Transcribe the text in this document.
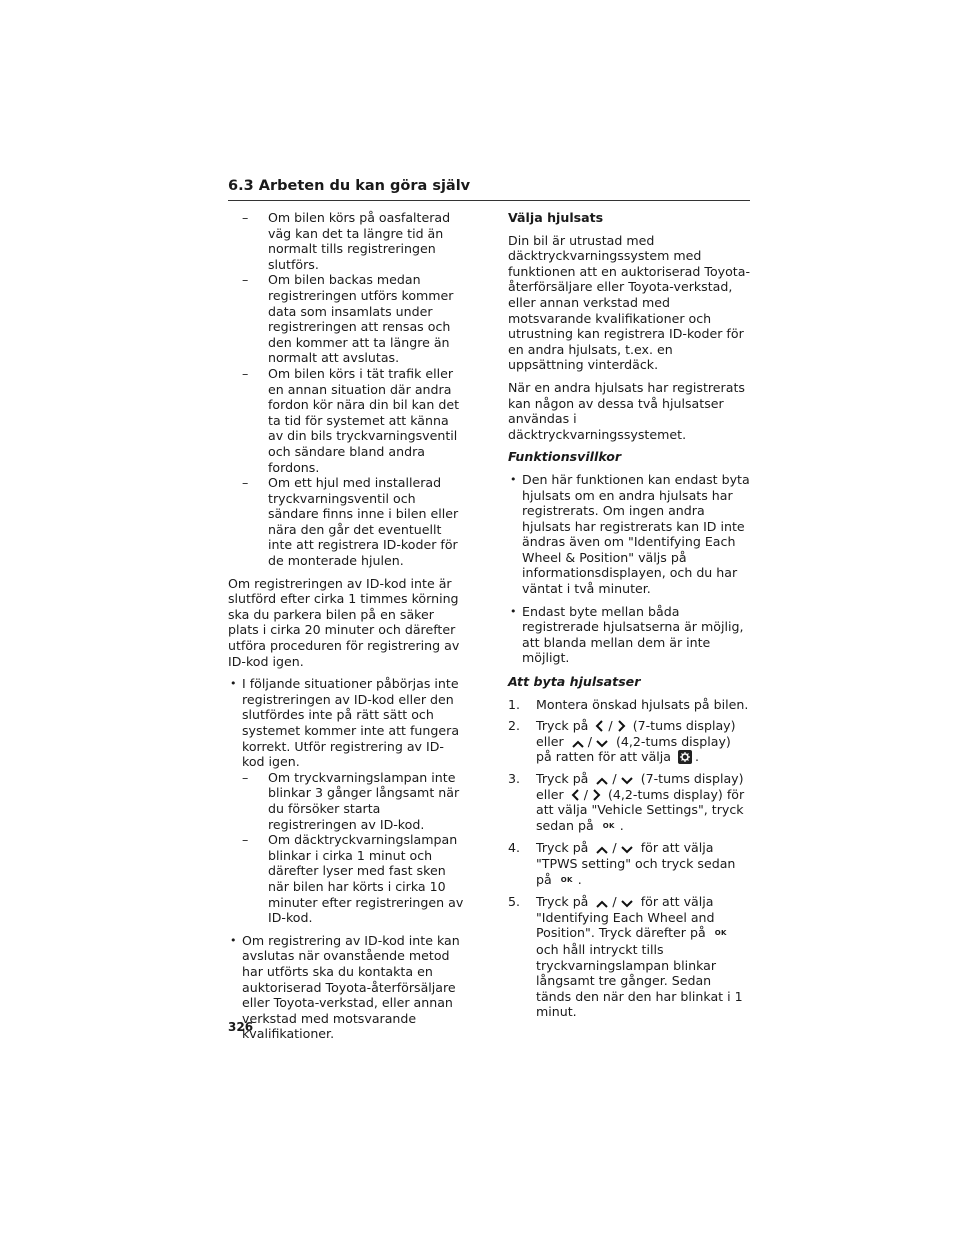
6.3 Arbeten du kan göra själv
– Om bilen körs på oasfalterad väg kan det ta längre tid än normalt tills registreringen slutförs.
– Om bilen backas medan registreringen utförs kommer data som insamlats under registreringen att rensas och den kommer att ta längre än normalt att avslutas.
– Om bilen körs i tät trafik eller en annan situation där andra fordon kör nära din bil kan det ta tid för systemet att känna av din bils tryckvarningsventil och sändare bland andra fordons.
– Om ett hjul med installerad tryckvarningsventil och sändare finns inne i bilen eller nära den går det eventuellt inte att registrera ID-koder för de monterade hjulen.

Om registreringen av ID-kod inte är slutförd efter cirka 1 timmes körning ska du parkera bilen på en säker plats i cirka 20 minuter och därefter utföra proceduren för registrering av ID-kod igen.

• I följande situationer påbörjas inte registreringen av ID-kod eller den slutfördes inte på rätt sätt och systemet kommer inte att fungera korrekt. Utför registrering av ID-kod igen.
– Om tryckvarningslampan inte blinkar 3 gånger långsamt när du försöker starta registreringen av ID-kod.
– Om däcktryckvarningslampan blinkar i cirka 1 minut och därefter lyser med fast sken när bilen har körts i cirka 10 minuter efter registreringen av ID-kod.
• Om registrering av ID-kod inte kan avslutas när ovanstående metod har utförts ska du kontakta en auktoriserad Toyota-återförsäljare eller Toyota-verkstad, eller annan verkstad med motsvarande kvalifikationer.
Välja hjulsats

Din bil är utrustad med däcktryckvarningssystem med funktionen att en auktoriserad Toyota-återförsäljare eller Toyota-verkstad, eller annan verkstad med motsvarande kvalifikationer och utrustning kan registrera ID-koder för en andra hjulsats, t.ex. en uppsättning vinterdäck.

När en andra hjulsats har registrerats kan någon av dessa två hjulsatser användas i däcktryckvarningssystemet.

Funktionsvillkor
• Den här funktionen kan endast byta hjulsats om en andra hjulsats har registrerats. Om ingen andra hjulsats har registrerats kan ID inte ändras även om "Identifying Each Wheel & Position" väljs på informationsdisplayen, och du har väntat i två minuter.
• Endast byte mellan båda registrerade hjulsatserna är möjlig, att blanda mellan dem är inte möjligt.
Att byta hjulsatser
1. Montera önskad hjulsats på bilen.
2. Tryck på / (7-tums display) eller / (4,2-tums display) på ratten för att välja .
3. Tryck på / (7-tums display) eller / (4,2-tums display) för att välja "Vehicle Settings", tryck sedan på OK .
4. Tryck på / för att välja "TPWS setting" och tryck sedan på OK .
5. Tryck på / för att välja "Identifying Each Wheel and Position". Tryck därefter på OK och håll intryckt tills tryckvarningslampan blinkar långsamt tre gånger. Sedan tänds den när den har blinkat i 1 minut.
326
